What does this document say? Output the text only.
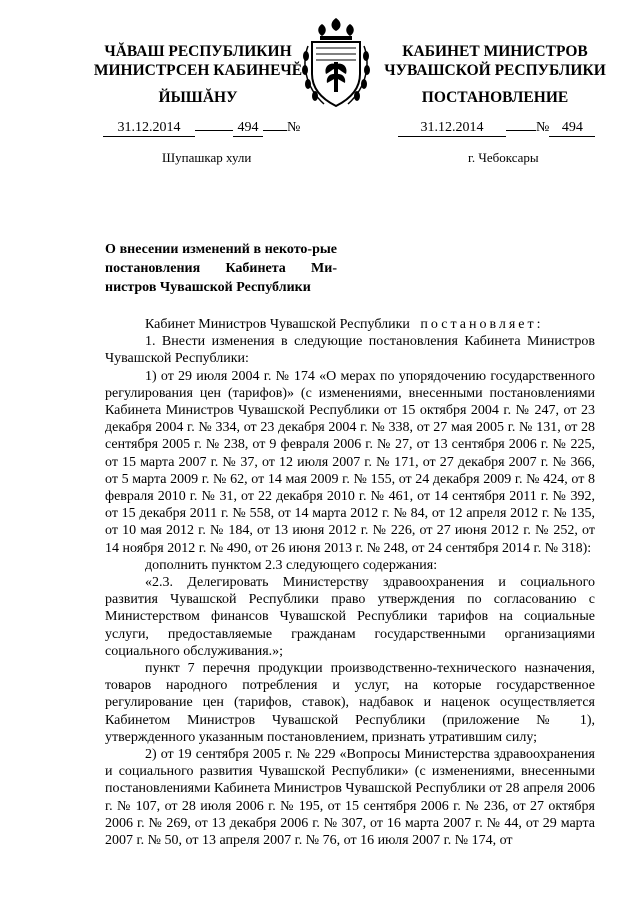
ЧĂВАШ РЕСПУБЛИКИН
МИНИСТРСЕН КАБИНЕЧĔ
ЙЫШĂНУ
КАБИНЕТ МИНИСТРОВ
ЧУВАШСКОЙ РЕСПУБЛИКИ
ПОСТАНОВЛЕНИЕ
31.12.2014	494 №	31.12.2014	№ 494
Шупашкар хули	г. Чебоксары
О внесении изменений в некото-рые постановления Кабинета Ми-нистров Чувашской Республики

Кабинет Министров Чувашской Республики постановляет:

1. Внести изменения в следующие постановления Кабинета Министров Чувашской Республики:

1) от 29 июля 2004 г. № 174 «О мерах по упорядочению государственного регулирования цен (тарифов)» (с изменениями, внесенными постановлениями Кабинета Министров Чувашской Республики от 15 октября 2004 г. № 247, от 23 декабря 2004 г. № 334, от 23 декабря 2004 г. № 338, от 27 мая 2005 г. № 131, от 28 сентября 2005 г. № 238, от 9 февраля 2006 г. № 27, от 13 сентября 2006 г. № 225, от 15 марта 2007 г. № 37, от 12 июля 2007 г. № 171, от 27 декабря 2007 г. № 366, от 5 марта 2009 г. № 62, от 14 мая 2009 г. № 155, от 24 декабря 2009 г. № 424, от 8 февраля 2010 г. № 31, от 22 декабря 2010 г. № 461, от 14 сентября 2011 г. № 392, от 15 декабря 2011 г. № 558, от 14 марта 2012 г. № 84, от 12 апреля 2012 г. № 135, от 10 мая 2012 г. № 184, от 13 июня 2012 г. № 226, от 27 июня 2012 г. № 252, от 14 ноября 2012 г. № 490, от 26 июня 2013 г. № 248, от 24 сентября 2014 г. № 318):

дополнить пунктом 2.3 следующего содержания:

«2.3. Делегировать Министерству здравоохранения и социального развития Чувашской Республики право утверждения по согласованию с Министерством финансов Чувашской Республики тарифов на социальные услуги, предоставляемые гражданам государственными организациями социального обслуживания.»;

пункт 7 перечня продукции производственно-технического назначения, товаров народного потребления и услуг, на которые государственное регулирование цен (тарифов, ставок), надбавок и наценок осуществляется Кабинетом Министров Чувашской Республики (приложение № 1), утвержденного указанным постановлением, признать утратившим силу;

2) от 19 сентября 2005 г. № 229 «Вопросы Министерства здравоохранения и социального развития Чувашской Республики» (с изменениями, внесенными постановлениями Кабинета Министров Чувашской Республики от 28 апреля 2006 г. № 107, от 28 июля 2006 г. № 195, от 15 сентября 2006 г. № 236, от 27 октября 2006 г. № 269, от 13 декабря 2006 г. № 307, от 16 марта 2007 г. № 44, от 29 марта 2007 г. № 50, от 13 апреля 2007 г. № 76, от 16 июля 2007 г. № 174, от
